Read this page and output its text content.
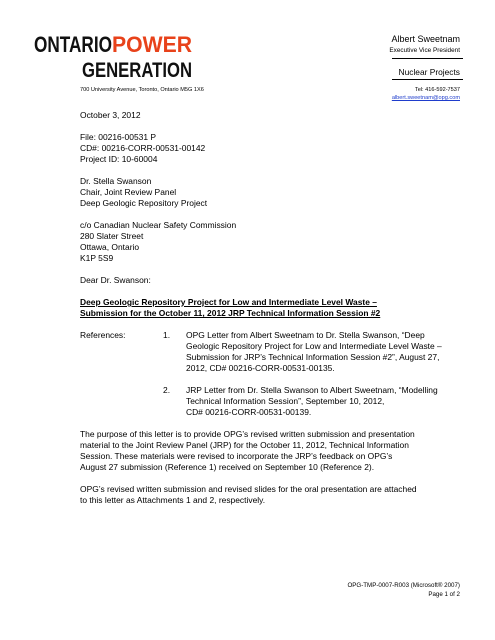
ONTARIO POWER
GENERATION
Albert Sweetnam
Executive Vice President
Nuclear Projects
700 University Avenue, Toronto, Ontario M5G 1X6	Tel: 416-592-7537
albert.sweetnam@opg.com

October 3, 2012

File: 00216-00531 P

CD#: 00216-CORR-00531-00142

Project ID: 10-60004

Dr. Stella Swanson

Chair, Joint Review Panel

Deep Geologic Repository Project

c/o Canadian Nuclear Safety Commission

280 Slater Street

Ottawa, Ontario

K1P 5S9

Dear Dr. Swanson:

Deep Geologic Repository Project for Low and Intermediate Level Waste –

Submission for the October 11, 2012 JRP Technical Information Session #2

References:	1.	OPG Letter from Albert Sweetnam to Dr. Stella Swanson, “Deep

Geologic Repository Project for Low and Intermediate Level Waste –

Submission for JRP’s Technical Information Session #2”, August 27,

2012, CD# 00216-CORR-00531-00135.

2.	JRP Letter from Dr. Stella Swanson to Albert Sweetnam, “Modelling

Technical Information Session”, September 10, 2012,

CD# 00216-CORR-00531-00139.

The purpose of this letter is to provide OPG’s revised written submission and presentation

material to the Joint Review Panel (JRP) for the October 11, 2012, Technical Information

Session. These materials were revised to incorporate the JRP’s feedback on OPG’s

August 27 submission (Reference 1) received on September 10 (Reference 2).

OPG’s revised written submission and revised slides for the oral presentation are attached

to this letter as Attachments 1 and 2, respectively.

OPG-TMP-0007-R003 (Microsoft® 2007)
Page 1 of 2
